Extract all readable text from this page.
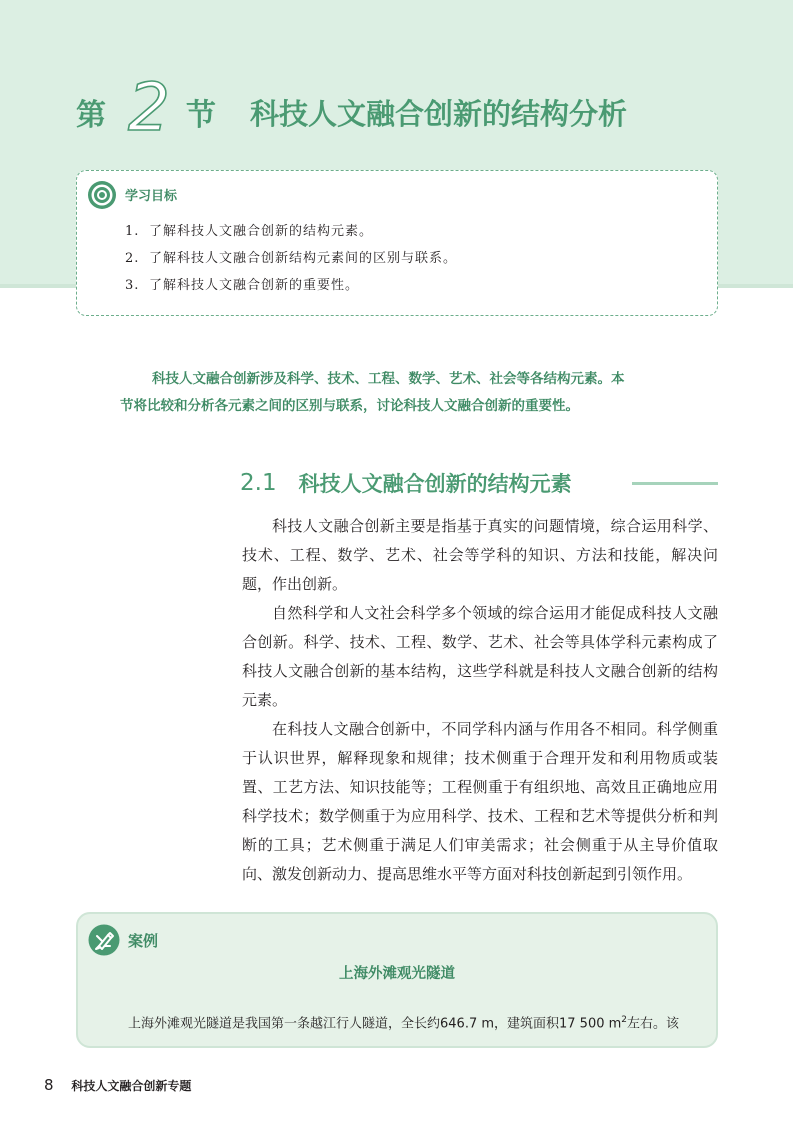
第 2 节 科技人文融合创新的结构分析
学习目标
1. 了解科技人文融合创新的结构元素。
2. 了解科技人文融合创新结构元素间的区别与联系。
3. 了解科技人文融合创新的重要性。

科技人文融合创新涉及科学、技术、工程、数学、艺术、社会等各结构元素。本

节将比较和分析各元素之间的区别与联系，讨论科技人文融合创新的重要性。

2.1 科技人文融合创新的结构元素

科技人文融合创新主要是指基于真实的问题情境，综合运用科学、技术、工程、数学、艺术、社会等学科的知识、方法和技能，解决问题，作出创新。

自然科学和人文社会科学多个领域的综合运用才能促成科技人文融合创新。科学、技术、工程、数学、艺术、社会等具体学科元素构成了科技人文融合创新的基本结构，这些学科就是科技人文融合创新的结构元素。

在科技人文融合创新中，不同学科内涵与作用各不相同。科学侧重于认识世界，解释现象和规律；技术侧重于合理开发和利用物质或装置、工艺方法、知识技能等；工程侧重于有组织地、高效且正确地应用科学技术；数学侧重于为应用科学、技术、工程和艺术等提供分析和判断的工具；艺术侧重于满足人们审美需求；社会侧重于从主导价值取向、激发创新动力、提高思维水平等方面对科技创新起到引领作用。

案例
上海外滩观光隧道
上海外滩观光隧道是我国第一条越江行人隧道，全长约646.7 m，建筑面积17 500 $m^2$左右。该
8 科技人文融合创新专题
